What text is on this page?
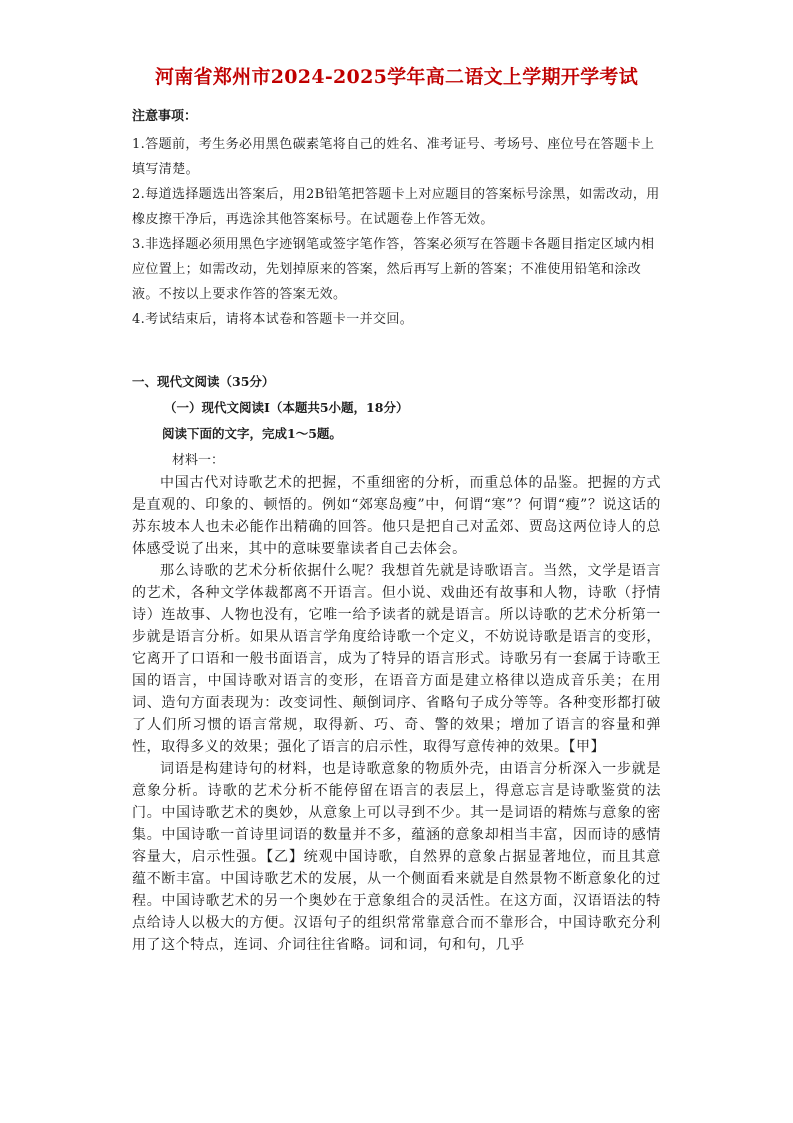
河南省郑州市2024-2025学年高二语文上学期开学考试
注意事项：

1.答题前，考生务必用黑色碳素笔将自己的姓名、准考证号、考场号、座位号在答题卡上填写清楚。

2.每道选择题选出答案后，用2B铅笔把答题卡上对应题目的答案标号涂黑，如需改动，用橡皮擦干净后，再选涂其他答案标号。在试题卷上作答无效。

3.非选择题必须用黑色字迹钢笔或签字笔作答，答案必须写在答题卡各题目指定区域内相应位置上；如需改动，先划掉原来的答案，然后再写上新的答案；不准使用铅笔和涂改液。不按以上要求作答的答案无效。

4.考试结束后，请将本试卷和答题卡一并交回。

一、现代文阅读（35分）
（一）现代文阅读Ⅰ（本题共5小题，18分）
阅读下面的文字，完成1～5题。
材料一：

中国古代对诗歌艺术的把握，不重细密的分析，而重总体的品鉴。把握的方式是直观的、印象的、顿悟的。例如“郊寒岛瘦”中，何谓“寒”？何谓“瘦”？说这话的苏东坡本人也未必能作出精确的回答。他只是把自己对孟郊、贾岛这两位诗人的总体感受说了出来，其中的意味要靠读者自己去体会。

那么诗歌的艺术分析依据什么呢？我想首先就是诗歌语言。当然，文学是语言的艺术，各种文学体裁都离不开语言。但小说、戏曲还有故事和人物，诗歌（抒情诗）连故事、人物也没有，它唯一给予读者的就是语言。所以诗歌的艺术分析第一步就是语言分析。如果从语言学角度给诗歌一个定义，不妨说诗歌是语言的变形，它离开了口语和一般书面语言，成为了特异的语言形式。诗歌另有一套属于诗歌王国的语言，中国诗歌对语言的变形，在语音方面是建立格律以造成音乐美；在用词、造句方面表现为：改变词性、颠倒词序、省略句子成分等等。各种变形都打破了人们所习惯的语言常规，取得新、巧、奇、警的效果；增加了语言的容量和弹性，取得多义的效果；强化了语言的启示性，取得写意传神的效果。【甲】

词语是构建诗句的材料，也是诗歌意象的物质外壳，由语言分析深入一步就是意象分析。诗歌的艺术分析不能停留在语言的表层上，得意忘言是诗歌鉴赏的法门。中国诗歌艺术的奥妙，从意象上可以寻到不少。其一是词语的精炼与意象的密集。中国诗歌一首诗里词语的数量并不多，蕴涵的意象却相当丰富，因而诗的感情容量大，启示性强。【乙】统观中国诗歌，自然界的意象占据显著地位，而且其意蕴不断丰富。中国诗歌艺术的发展，从一个侧面看来就是自然景物不断意象化的过程。中国诗歌艺术的另一个奥妙在于意象组合的灵活性。在这方面，汉语语法的特点给诗人以极大的方便。汉语句子的组织常常靠意合而不靠形合，中国诗歌充分利用了这个特点，连词、介词往往省略。词和词，句和句，几乎
